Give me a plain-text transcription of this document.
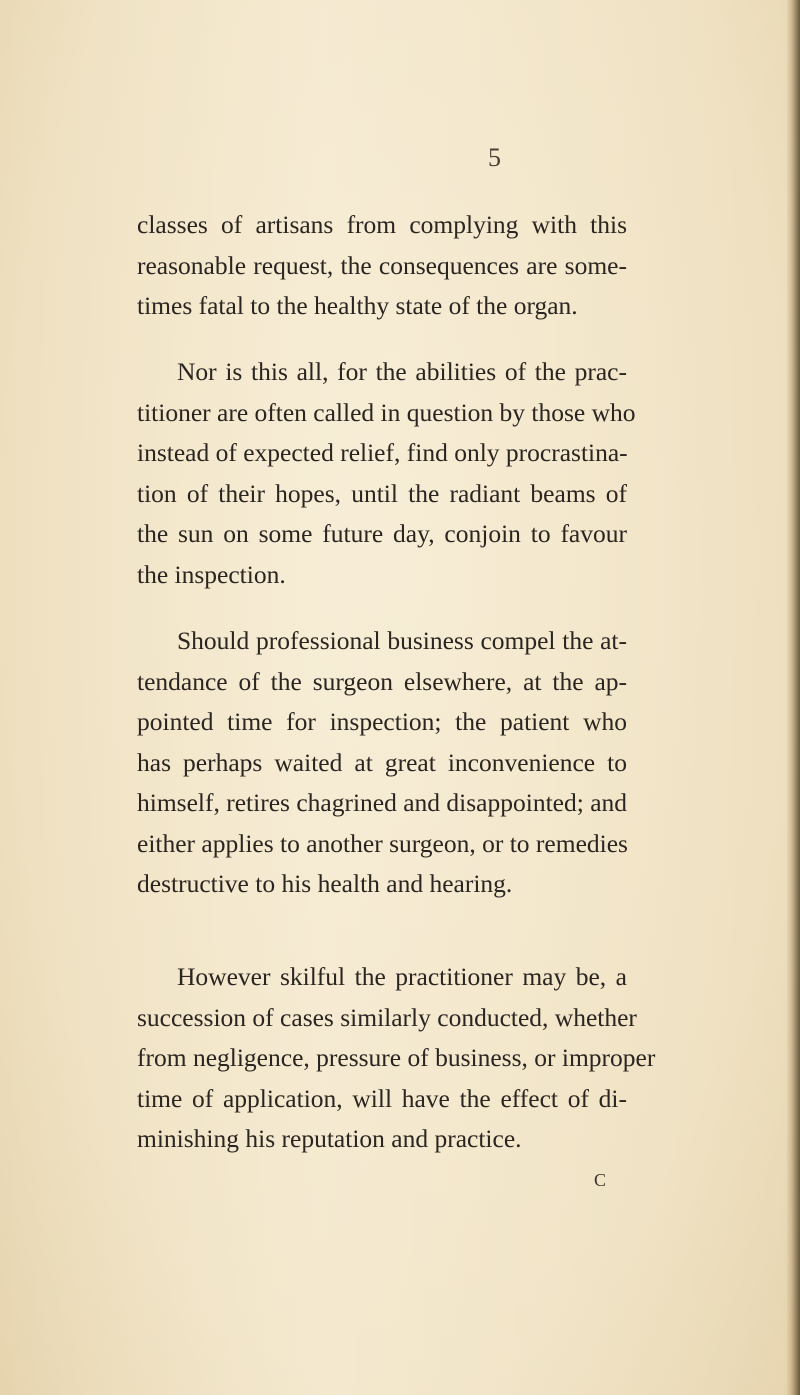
5

classes of artisans from complying with this
reasonable request, the consequences are some-
times fatal to the healthy state of the organ.
Nor is this all, for the abilities of the prac-
titioner are often called in question by those who
instead of expected relief, find only procrastina-
tion of their hopes, until the radiant beams of
the sun on some future day, conjoin to favour
the inspection.
Should professional business compel the at-
tendance of the surgeon elsewhere, at the ap-
pointed time for inspection; the patient who
has perhaps waited at great inconvenience to
himself, retires chagrined and disappointed; and
either applies to another surgeon, or to remedies
destructive to his health and hearing.
However skilful the practitioner may be, a
succession of cases similarly conducted, whether
from negligence, pressure of business, or improper
time of application, will have the effect of di-
minishing his reputation and practice.

C
